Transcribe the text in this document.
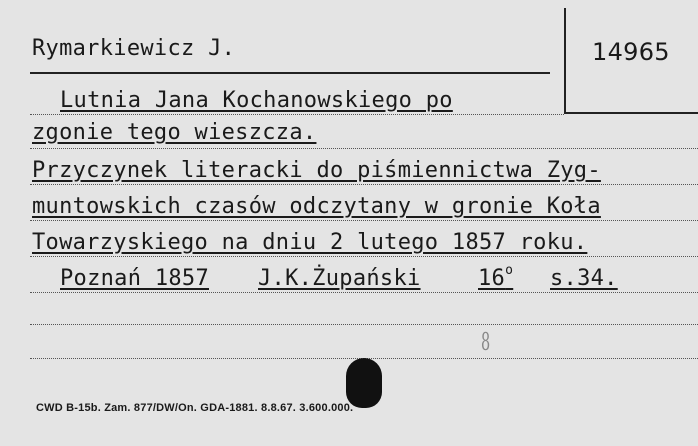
Rymarkiewicz J.	14965
Lutnia Jana Kochanowskiego po
zgonie tego wieszcza.
Przyczynek literacki do piśmiennictwa Zyg-
muntowskich czasów odczytany w gronie Koła
Towarzyskiego na dniu 2 lutego 1857 roku.
Poznań 1857 J.K.Żupański	16$^o$ s.34.
8
CWD B-15b. Zam. 877/DW/On. GDA-1881. 8.8.67. 3.600.000.
